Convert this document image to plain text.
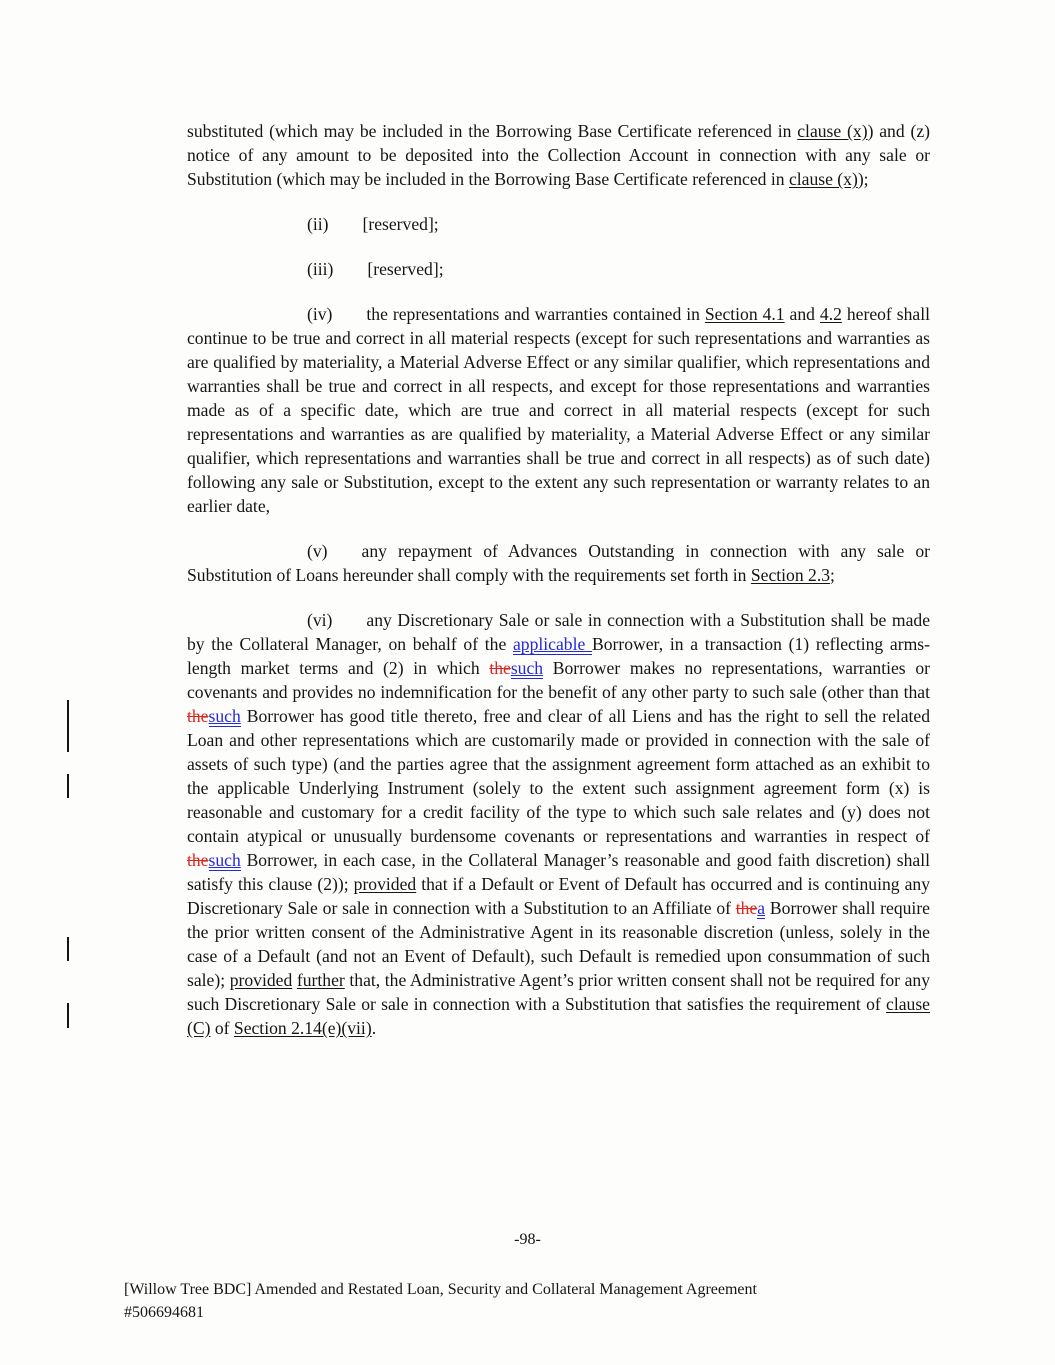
substituted (which may be included in the Borrowing Base Certificate referenced in clause (x)) and (z) notice of any amount to be deposited into the Collection Account in connection with any sale or Substitution (which may be included in the Borrowing Base Certificate referenced in clause (x));

(ii) [reserved];

(iii) [reserved];

(iv) the representations and warranties contained in Section 4.1 and 4.2 hereof shall continue to be true and correct in all material respects (except for such representations and warranties as are qualified by materiality, a Material Adverse Effect or any similar qualifier, which representations and warranties shall be true and correct in all respects, and except for those representations and warranties made as of a specific date, which are true and correct in all material respects (except for such representations and warranties as are qualified by materiality, a Material Adverse Effect or any similar qualifier, which representations and warranties shall be true and correct in all respects) as of such date) following any sale or Substitution, except to the extent any such representation or warranty relates to an earlier date,

(v) any repayment of Advances Outstanding in connection with any sale or Substitution of Loans hereunder shall comply with the requirements set forth in Section 2.3;

(vi) any Discretionary Sale or sale in connection with a Substitution shall be made by the Collateral Manager, on behalf of the applicable Borrower, in a transaction (1) reflecting arms-length market terms and (2) in which thesuch Borrower makes no representations, warranties or covenants and provides no indemnification for the benefit of any other party to such sale (other than that thesuch Borrower has good title thereto, free and clear of all Liens and has the right to sell the related Loan and other representations which are customarily made or provided in connection with the sale of assets of such type) (and the parties agree that the assignment agreement form attached as an exhibit to the applicable Underlying Instrument (solely to the extent such assignment agreement form (x) is reasonable and customary for a credit facility of the type to which such sale relates and (y) does not contain atypical or unusually burdensome covenants or representations and warranties in respect of thesuch Borrower, in each case, in the Collateral Manager’s reasonable and good faith discretion) shall satisfy this clause (2)); provided that if a Default or Event of Default has occurred and is continuing any Discretionary Sale or sale in connection with a Substitution to an Affiliate of thea Borrower shall require the prior written consent of the Administrative Agent in its reasonable discretion (unless, solely in the case of a Default (and not an Event of Default), such Default is remedied upon consummation of such sale); provided further that, the Administrative Agent’s prior written consent shall not be required for any such Discretionary Sale or sale in connection with a Substitution that satisfies the requirement of clause (C) of Section 2.14(e)(vii).

-98-
[Willow Tree BDC] Amended and Restated Loan, Security and Collateral Management Agreement
#506694681
